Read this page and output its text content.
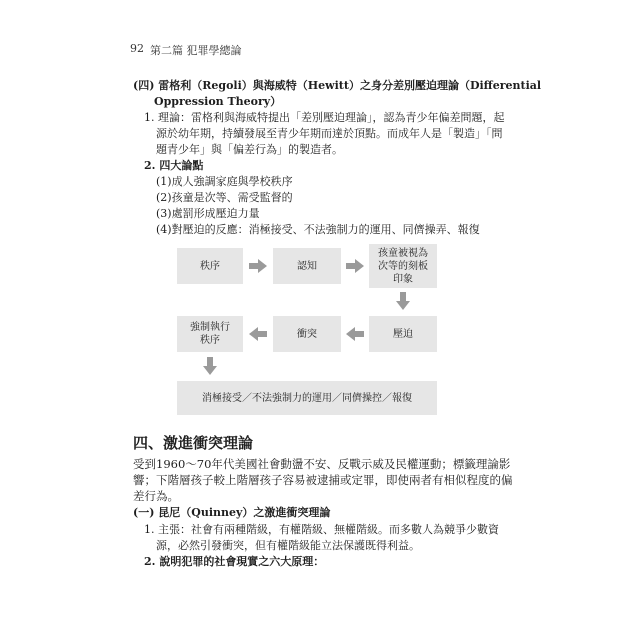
92 第二篇 犯罪學總論
(四) 雷格利（Regoli）與海威特（Hewitt）之身分差別壓迫理論（Differential
Oppression Theory）
1. 理論：雷格利與海威特提出「差別壓迫理論」，認為青少年偏差問題，起
源於幼年期，持續發展至青少年期而達於頂點。而成年人是「製造」「問
題青少年」與「偏差行為」的製造者。
2. 四大論點
(1)成人強調家庭與學校秩序
(2)孩童是次等、需受監督的
(3)處罰形成壓迫力量
(4)對壓迫的反應：消極接受、不法強制力的運用、同儕操弄、報復
秩序	認知
孩童被視為
次等的刻板
印象
壓迫
衝突
強制執行
秩序
消極接受／不法強制力的運用／同儕操控／報復
四、激進衝突理論
受到1960～70年代美國社會動盪不安、反戰示威及民權運動；標籤理論影
響；下階層孩子較上階層孩子容易被逮捕或定罪，即使兩者有相似程度的偏
差行為。
(一) 昆尼（Quinney）之激進衝突理論
1. 主張：社會有兩種階級，有權階級、無權階級。而多數人為競爭少數資
源，必然引發衝突，但有權階級能立法保護既得利益。
2. 說明犯罪的社會現實之六大原理：
